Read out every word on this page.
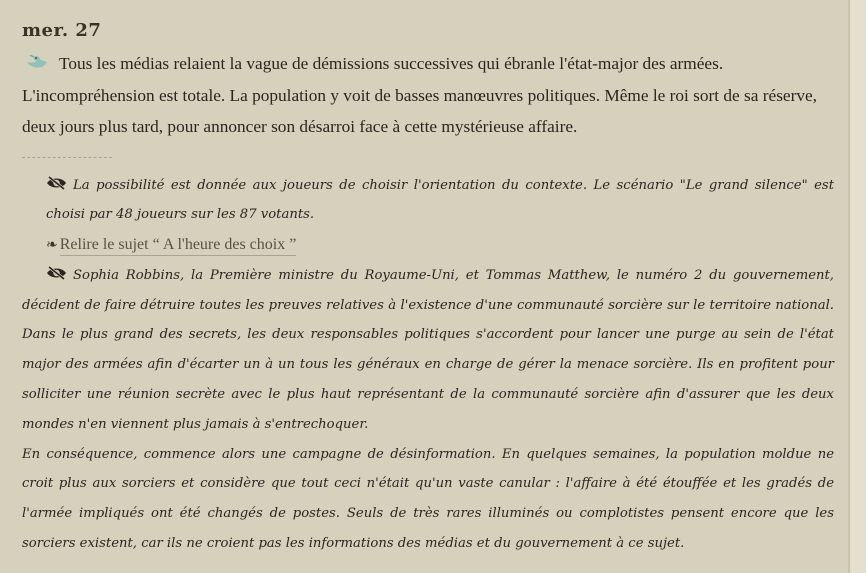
mer. 27
Tous les médias relaient la vague de démissions successives qui ébranle l'état-major des armées. L'incompréhension est totale. La population y voit de basses manœuvres politiques. Même le roi sort de sa réserve, deux jours plus tard, pour annoncer son désarroi face à cette mystérieuse affaire.

La possibilité est donnée aux joueurs de choisir l'orientation du contexte. Le scénario "Le grand silence" est choisi par 48 joueurs sur les 87 votants.

❧ Relire le sujet “ A l'heure des choix ”

Sophia Robbins, la Première ministre du Royaume-Uni, et Tommas Matthew, le numéro 2 du gouvernement, décident de faire détruire toutes les preuves relatives à l'existence d'une communauté sorcière sur le territoire national. Dans le plus grand des secrets, les deux responsables politiques s'accordent pour lancer une purge au sein de l'état major des armées afin d'écarter un à un tous les généraux en charge de gérer la menace sorcière. Ils en profitent pour solliciter une réunion secrète avec le plus haut représentant de la communauté sorcière afin d'assurer que les deux mondes n'en viennent plus jamais à s'entrechoquer.

En conséquence, commence alors une campagne de désinformation. En quelques semaines, la population moldue ne croit plus aux sorciers et considère que tout ceci n'était qu'un vaste canular : l'affaire à été étouffée et les gradés de l'armée impliqués ont été changés de postes. Seuls de très rares illuminés ou complotistes pensent encore que les sorciers existent, car ils ne croient pas les informations des médias et du gouvernement à ce sujet.
